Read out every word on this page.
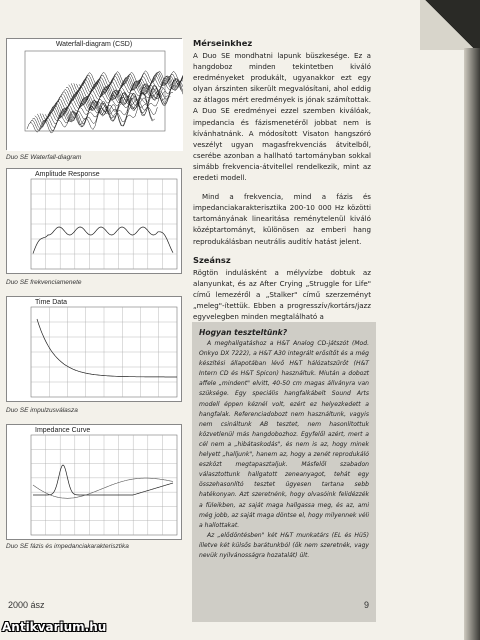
Waterfall-diagram (CSD)
Duo SE Waterfall-diagram
Amplitude Response
Duo SE frekvenciamenete
Time Data
Duo SE impulzusválasza
Impedance Curve
Duo SE fázis és impedanciakarakterisztika
Mérseinkhez
A Duo SE mondhatni lapunk büszkesége. Ez a hangdoboz minden tekintetben kiváló eredményeket produkált, ugyanakkor ezt egy olyan árszinten sikerült megvalósítani, ahol eddig az átlagos mért eredmények is jónak számítottak. A Duo SE eredményei ezzel szemben kiválóak, impedancia és fázismenetéről jobbat nem is kívánhatnánk. A módosított Visaton hangszóró veszélyt ugyan magasfrekvenciás átvitelből, cserébe azonban a hallható tartományban sokkal simább frekvencia-átvitellel rendelkezik, mint az eredeti modell.
Mind a frekvencia, mind a fázis és impedanciakarakterisztika 200-10 000 Hz közötti tartományának linearitása reménytelenül kiváló középtartományt, különösen az emberi hang reprodukálásban neutrális auditív hatást jelent.
Szeánsz
Rögtön indulásként a mélyvízbe dobtuk az alanyunkat, és az After Crying „Struggle for Life" című lemezéről a „Stalker" című szerzeményt „meleg"-ítettük. Ebben a progresszív/kortárs/jazz egyvelegben minden megtalálható a
Hogyan teszteltünk?
A meghallgatáshoz a H&T Analog CD-játszót (Mod. Onkyo DX 7222), a H&T A30 integrált erősítőt és a még készítési állapotában lévő H&T hálózatszűrőt (H&T Intern CD és H&T Spicon) használtuk. Miután a dobozt affele „mindent" elvitt, 40-50 cm magas állványra van szüksége. Egy speciális hangfalkábelt Sound Arts modell éppen kéznél volt, ezért ez helyezkedett a hangfalak. Referenciadobozt nem használtunk, vagyis nem csináltunk AB tesztet, nem hasonlítottuk közvetlenül más hangdobozhoz. Egyfelől azért, mert a cél nem a „hibátaskodás", és nem is az, hogy minek helyett „halljunk", hanem az, hogy a zenét reprodukáló eszközt megtapasztaljuk. Másfelől szabadon választottunk hallgatott zeneanyagot, tehát egy összehasonlító tesztet ügyesen tartana sebb hatékonyan. Azt szeretnénk, hogy olvasóink felidézzék a füleikben, az saját maga hallgassa meg, és az, ami még jobb, az saját maga döntse el, hogy milyennek véli a hallottakat.
Az „elődöntésben" két H&T munkatárs (EL és Hü5) illetve két külsős barátunkból (ők nem szeretnék, vagy nevük nyilvánosságra hozatalát) ült.
2000 ász	9
Antikvarium.hu
